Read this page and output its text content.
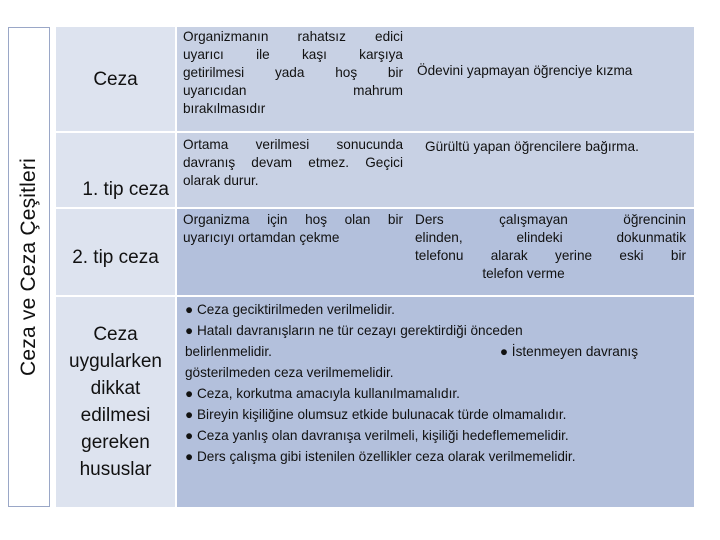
Ceza ve Ceza Çeşitleri
Ceza
Organizmanın rahatsız edici
uyarıcı ile kaşı karşıya
getirilmesi yada hoş bir
uyarıcıdan mahrum
bırakılmasıdır
Ödevini yapmayan öğrenciye kızma
1. tip ceza
Ortama verilmesi sonucunda
davranış devam etmez. Geçici
olarak durur.
Gürültü yapan öğrencilere bağırma.
2. tip ceza
Organizma için hoş olan bir
uyarıcıyı ortamdan çekme
Ders çalışmayan öğrencinin
elinden, elindeki dokunmatik
telefonu alarak yerine eski bir
telefon verme
Ceza
uygularken
dikkat
edilmesi
gereken
hususlar

● Ceza geciktirilmeden verilmelidir.

● Hatalı davranışların ne tür cezayı gerektirdiği önceden

belirlenmelidir.	● İstenmeyen davranış

gösterilmeden ceza verilmemelidir.

● Ceza, korkutma amacıyla kullanılmamalıdır.

● Bireyin kişiliğine olumsuz etkide bulunacak türde olmamalıdır.

● Ceza yanlış olan davranışa verilmeli, kişiliği hedeflememelidir.

● Ders çalışma gibi istenilen özellikler ceza olarak verilmemelidir.
